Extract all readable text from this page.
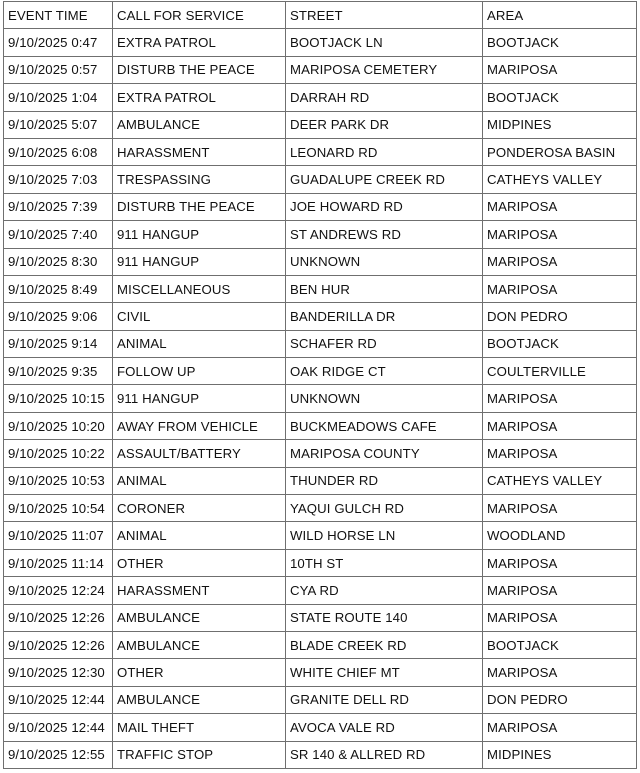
EVENT TIME	CALL FOR SERVICE	STREET	AREA
9/10/2025 0:47	EXTRA PATROL	BOOTJACK LN	BOOTJACK
9/10/2025 0:57	DISTURB THE PEACE	MARIPOSA CEMETERY	MARIPOSA
9/10/2025 1:04	EXTRA PATROL	DARRAH RD	BOOTJACK
9/10/2025 5:07	AMBULANCE	DEER PARK DR	MIDPINES
9/10/2025 6:08	HARASSMENT	LEONARD RD	PONDEROSA BASIN
9/10/2025 7:03	TRESPASSING	GUADALUPE CREEK RD	CATHEYS VALLEY
9/10/2025 7:39	DISTURB THE PEACE	JOE HOWARD RD	MARIPOSA
9/10/2025 7:40	911 HANGUP	ST ANDREWS RD	MARIPOSA
9/10/2025 8:30	911 HANGUP	UNKNOWN	MARIPOSA
9/10/2025 8:49	MISCELLANEOUS	BEN HUR	MARIPOSA
9/10/2025 9:06	CIVIL	BANDERILLA DR	DON PEDRO
9/10/2025 9:14	ANIMAL	SCHAFER RD	BOOTJACK
9/10/2025 9:35	FOLLOW UP	OAK RIDGE CT	COULTERVILLE
9/10/2025 10:15	911 HANGUP	UNKNOWN	MARIPOSA
9/10/2025 10:20	AWAY FROM VEHICLE	BUCKMEADOWS CAFE	MARIPOSA
9/10/2025 10:22	ASSAULT/BATTERY	MARIPOSA COUNTY	MARIPOSA
9/10/2025 10:53	ANIMAL	THUNDER RD	CATHEYS VALLEY
9/10/2025 10:54	CORONER	YAQUI GULCH RD	MARIPOSA
9/10/2025 11:07	ANIMAL	WILD HORSE LN	WOODLAND
9/10/2025 11:14	OTHER	10TH ST	MARIPOSA
9/10/2025 12:24	HARASSMENT	CYA RD	MARIPOSA
9/10/2025 12:26	AMBULANCE	STATE ROUTE 140	MARIPOSA
9/10/2025 12:26	AMBULANCE	BLADE CREEK RD	BOOTJACK
9/10/2025 12:30	OTHER	WHITE CHIEF MT	MARIPOSA
9/10/2025 12:44	AMBULANCE	GRANITE DELL RD	DON PEDRO
9/10/2025 12:44	MAIL THEFT	AVOCA VALE RD	MARIPOSA
9/10/2025 12:55	TRAFFIC STOP	SR 140 & ALLRED RD	MIDPINES
